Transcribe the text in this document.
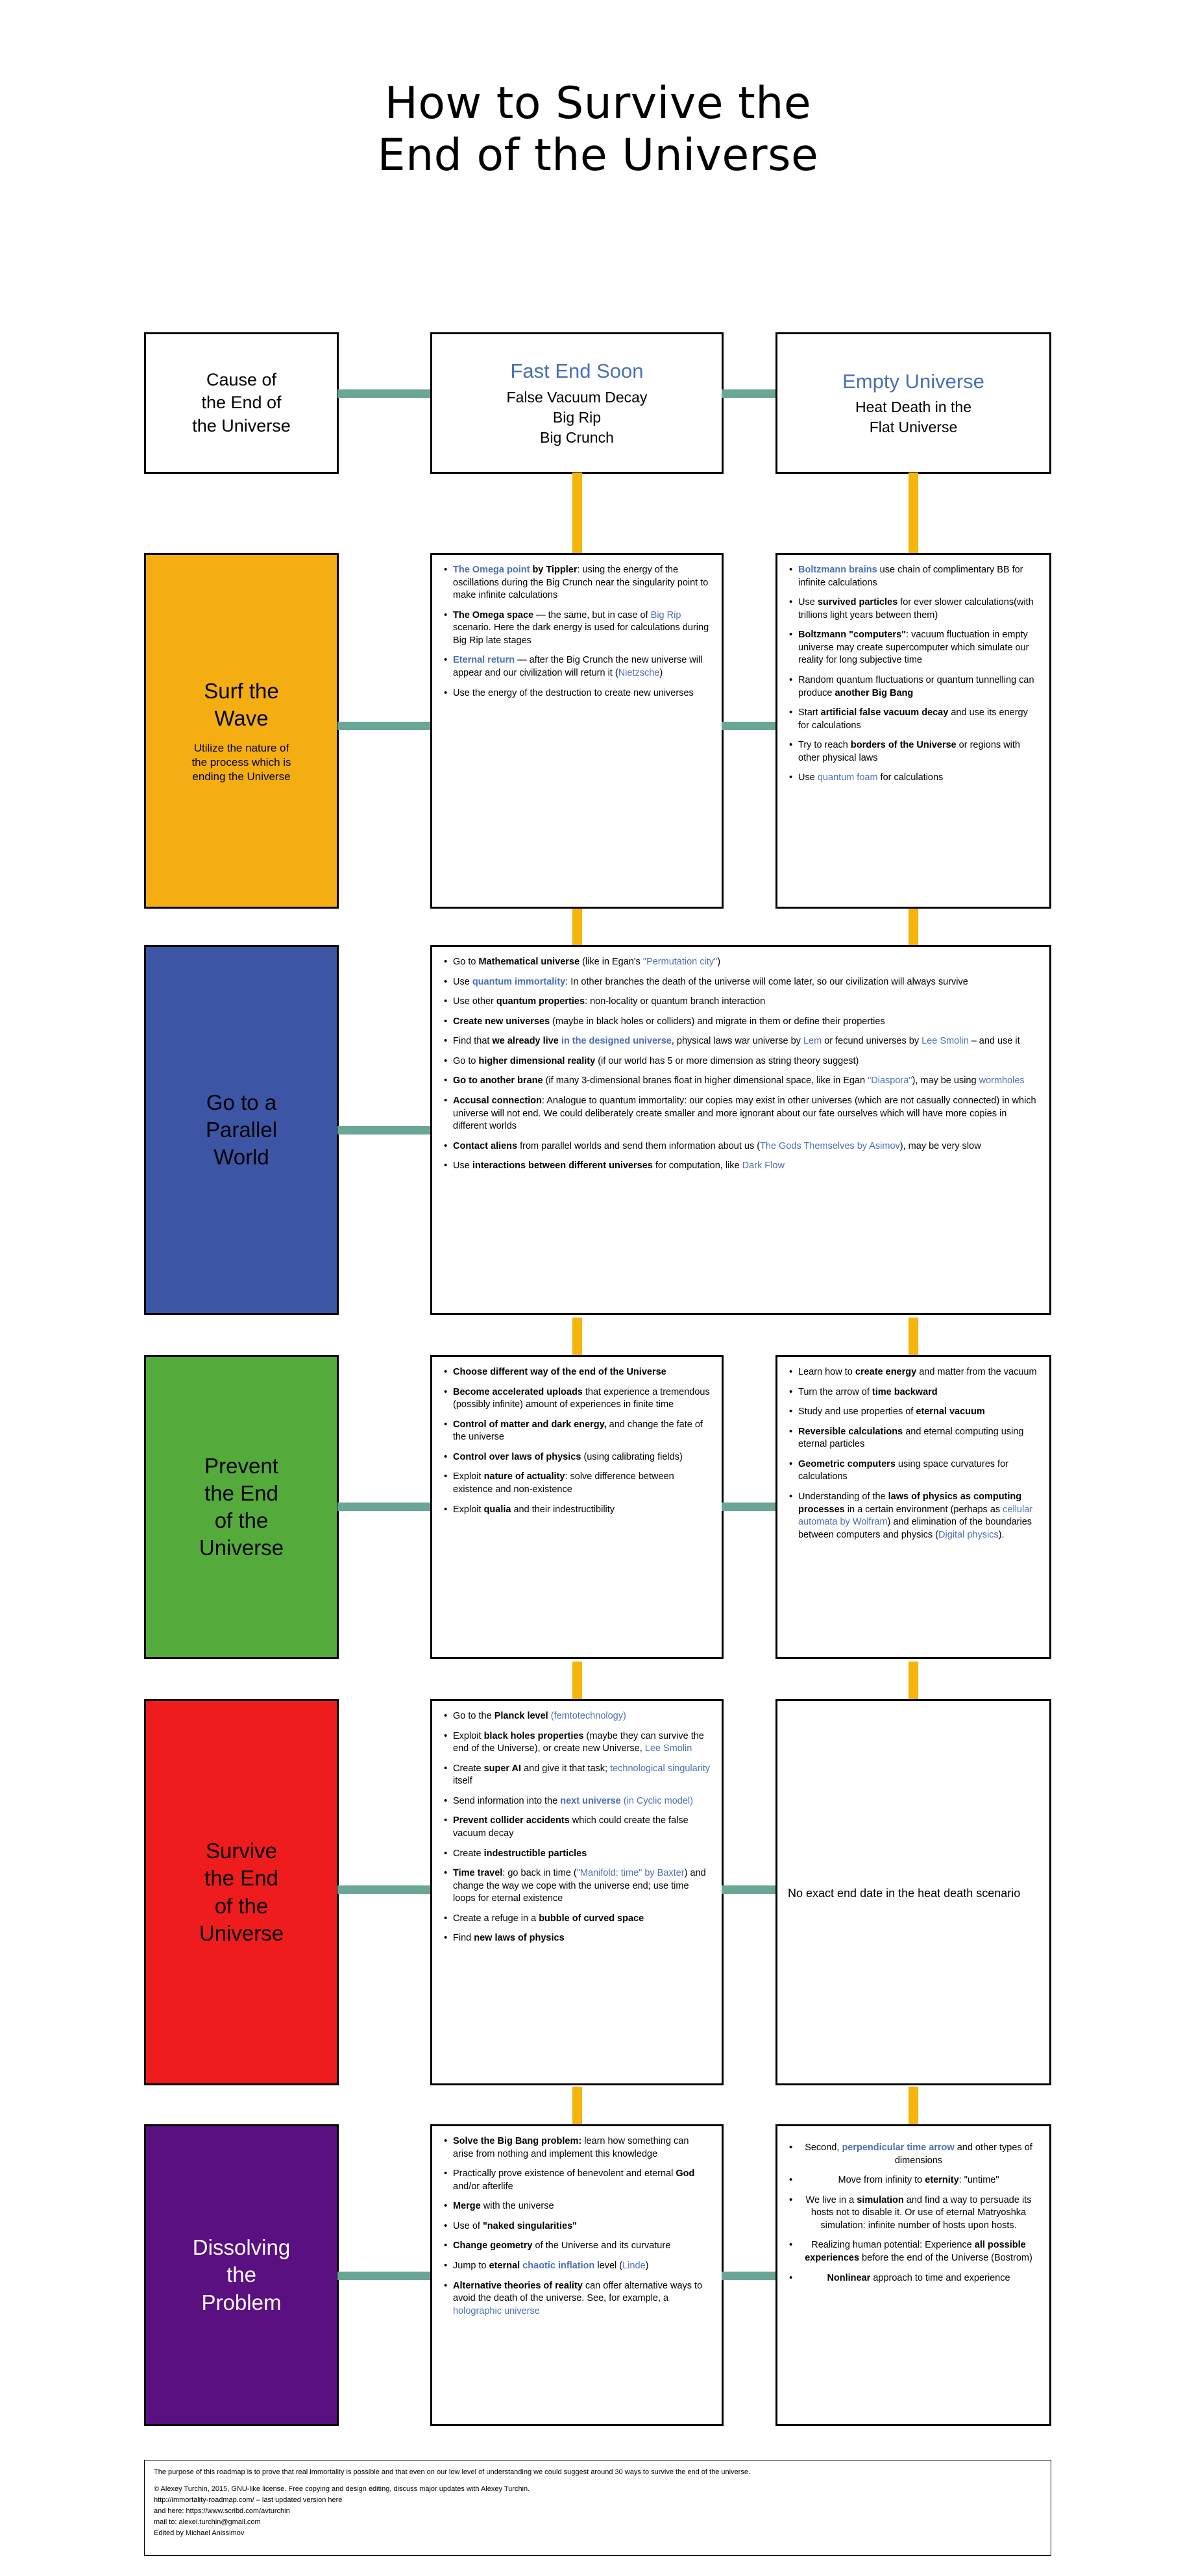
How to Survive the
End of the Universe
Cause of
the End of
the Universe
Fast End Soon
False Vacuum Decay
Big Rip
Big Crunch
Empty Universe
Heat Death in the
Flat Universe
Surf the
Wave
Utilize the nature of
the process which is
ending the Universe
• The Omega point by Tippler: using the energy of the oscillations during the Big Crunch near the singularity point to make infinite calculations
• The Omega space — the same, but in case of Big Rip scenario. Here the dark energy is used for calculations during Big Rip late stages
• Eternal return — after the Big Crunch the new universe will appear and our civilization will return it (Nietzsche)
• Use the energy of the destruction to create new universes
• Boltzmann brains use chain of complimentary BB for infinite calculations
• Use survived particles for ever slower calculations(with trillions light years between them)
• Boltzmann "computers": vacuum fluctuation in empty universe may create supercomputer which simulate our reality for long subjective time
• Random quantum fluctuations or quantum tunnelling can produce another Big Bang
• Start artificial false vacuum decay and use its energy for calculations
• Try to reach borders of the Universe or regions with other physical laws
• Use quantum foam for calculations
Go to a
Parallel
World
• Go to Mathematical universe (like in Egan's "Permutation city")
• Use quantum immortality: In other branches the death of the universe will come later, so our civilization will always survive
• Use other quantum properties: non-locality or quantum branch interaction
• Create new universes (maybe in black holes or colliders) and migrate in them or define their properties
• Find that we already live in the designed universe, physical laws war universe by Lem or fecund universes by Lee Smolin – and use it
• Go to higher dimensional reality (if our world has 5 or more dimension as string theory suggest)
• Go to another brane (if many 3-dimensional branes float in higher dimensional space, like in Egan "Diaspora"), may be using wormholes
• Accusal connection: Analogue to quantum immortality: our copies may exist in other universes (which are not casually connected) in which universe will not end. We could deliberately create smaller and more ignorant about our fate ourselves which will have more copies in different worlds
• Contact aliens from parallel worlds and send them information about us (The Gods Themselves by Asimov), may be very slow
• Use interactions between different universes for computation, like Dark Flow
Prevent
the End
of the
Universe
• Choose different way of the end of the Universe
• Become accelerated uploads that experience a tremendous (possibly infinite) amount of experiences in finite time
• Control of matter and dark energy, and change the fate of the universe
• Control over laws of physics (using calibrating fields)
• Exploit nature of actuality: solve difference between existence and non-existence
• Exploit qualia and their indestructibility
• Learn how to create energy and matter from the vacuum
• Turn the arrow of time backward
• Study and use properties of eternal vacuum
• Reversible calculations and eternal computing using eternal particles
• Geometric computers using space curvatures for calculations
• Understanding of the laws of physics as computing processes in a certain environment (perhaps as cellular automata by Wolfram) and elimination of the boundaries between computers and physics (Digital physics).
Survive
the End
of the
Universe
• Go to the Planck level (femtotechnology)
• Exploit black holes properties (maybe they can survive the end of the Universe), or create new Universe, Lee Smolin
• Create super AI and give it that task; technological singularity itself
• Send information into the next universe (in Cyclic model)
• Prevent collider accidents which could create the false vacuum decay
• Create indestructible particles
• Time travel: go back in time ("Manifold: time" by Baxter) and change the way we cope with the universe end; use time loops for eternal existence
• Create a refuge in a bubble of curved space
• Find new laws of physics
No exact end date in the heat death scenario
Dissolving
the
Problem
• Solve the Big Bang problem: learn how something can arise from nothing and implement this knowledge
• Practically prove existence of benevolent and eternal God and/or afterlife
• Merge with the universe
• Use of "naked singularities"
• Change geometry of the Universe and its curvature
• Jump to eternal chaotic inflation level (Linde)
• Alternative theories of reality can offer alternative ways to avoid the death of the universe. See, for example, a holographic universe
• Second, perpendicular time arrow and other types of dimensions
• Move from infinity to eternity: "untime"
• We live in a simulation and find a way to persuade its hosts not to disable it. Or use of eternal Matryoshka simulation: infinite number of hosts upon hosts.
• Realizing human potential: Experience all possible experiences before the end of the Universe (Bostrom)
• Nonlinear approach to time and experience
The purpose of this roadmap is to prove that real immortality is possible and that even on our low level of understanding we could suggest around 30 ways to survive the end of the universe.
© Alexey Turchin, 2015, GNU-like license. Free copying and design editing, discuss major updates with Alexey Turchin.
http://immortality-roadmap.com/ – last updated version here
and here: https://www.scribd.com/avturchin
mail to: alexei.turchin@gmail.com
Edited by Michael Anissimov
